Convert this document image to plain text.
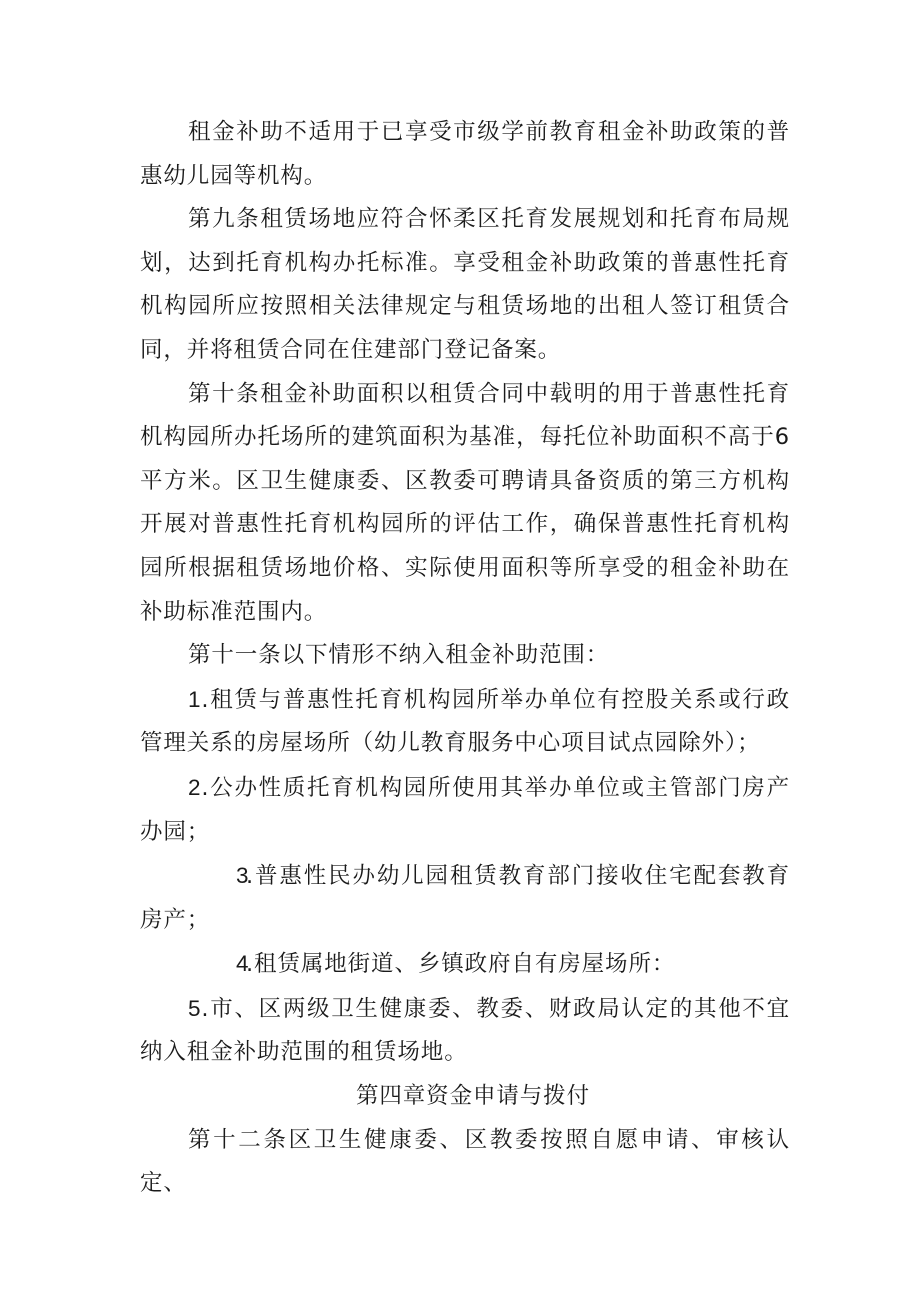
租金补助不适用于已享受市级学前教育租金补助政策的普惠幼儿园等机构。

第九条租赁场地应符合怀柔区托育发展规划和托育布局规划，达到托育机构办托标准。享受租金补助政策的普惠性托育机构园所应按照相关法律规定与租赁场地的出租人签订租赁合同，并将租赁合同在住建部门登记备案。

第十条租金补助面积以租赁合同中载明的用于普惠性托育机构园所办托场所的建筑面积为基准，每托位补助面积不高于6平方米。区卫生健康委、区教委可聘请具备资质的第三方机构开展对普惠性托育机构园所的评估工作，确保普惠性托育机构园所根据租赁场地价格、实际使用面积等所享受的租金补助在补助标准范围内。

第十一条以下情形不纳入租金补助范围：

1.租赁与普惠性托育机构园所举办单位有控股关系或行政管理关系的房屋场所（幼儿教育服务中心项目试点园除外）；

2.公办性质托育机构园所使用其举办单位或主管部门房产办园；

3.普惠性民办幼儿园租赁教育部门接收住宅配套教育房产；

4.租赁属地街道、乡镇政府自有房屋场所：

5.市、区两级卫生健康委、教委、财政局认定的其他不宜纳入租金补助范围的租赁场地。

第四章资金申请与拨付

第十二条区卫生健康委、区教委按照自愿申请、审核认定、
